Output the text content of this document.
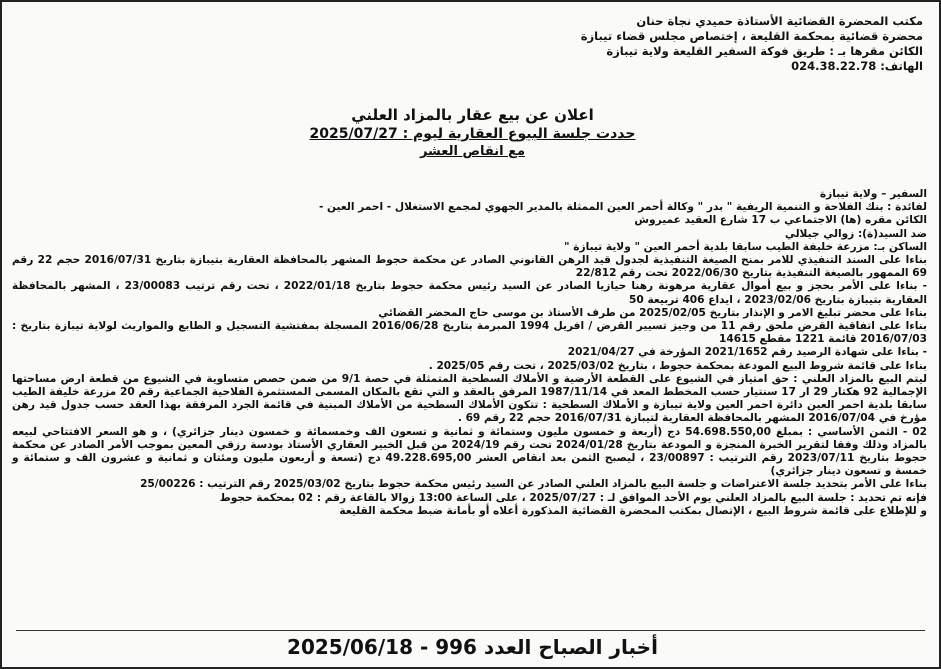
مكتب المحضرة القضائية الأستاذة حميدي نجاة حنان
محضرة قضائية بمحكمة القليعة ، إختصاص مجلس قضاء تيبازة
الكائن مقرها بـ : طريق فوكة السفير القليعة ولاية تيبازة
الهاتف: 024.38.22.78
اعلان عن بيع عقار بالمزاد العلني
حددت جلسة البيوع العقارية ليوم : 2025/07/27
مع انقاص العشر

السفير – ولاية تيبازة

لفائدة : بنك الفلاحة و التنمية الريفية " بدر " وكالة أحمر العين الممثلة بالمدير الجهوي لمجمع الاستغلال - احمر العين -

الكائن مقره (ها) الاجتماعي ب 17 شارع العقيد عميروش

ضد السيد(ة): زوالي جيلالي

الساكن بـ: مزرعة خليفة الطيب سابقا بلدية أحمر العين " ولاية تيبازة "

بناءا على السند التنفيذي للامر بمنح الصيغة التنفيذية لجدول قيد الرهن القانوني الصادر عن محكمة حجوط المشهر بالمحافظة العقارية بتيبازة بتاريخ 2016/07/31 حجم 22 رقم 69 الممهور بالصيغة التنفيذية بتاريخ 2022/06/30 تحت رقم 22/812

- بناءا على الأمر بحجز و بيع أموال عقارية مرهونة رهنا حيازيا الصادر عن السيد رئيس محكمة حجوط بتاريخ 2022/01/18 ، تحت رقم ترتيب 23/00083 ، المشهر بالمحافظة العقارية بتيبازة بتاريخ 2023/02/06 ، ايداع 406 تربيعة 50

بناءا على محضر تبليغ الامر و الإنذار بتاريخ 2025/02/05 من طرف الأستاذ بن موسى حاج المحضر القضائي

بناءا على اتفاقية القرض ملحق رقم 11 من وجيز تسيير القرض / افريل 1994 المبرمة بتاريخ 2016/06/28 المسجلة بمفتشية التسجيل و الطابع والمواريث لولاية تيبازة بتاريخ : 2016/07/03 قائمة 1221 مقطع 14615

- بناءا على شهادة الرصيد رقم 2021/1652 المؤرخة في 2021/04/27

بناءا على قائمة شروط البيع المودعة بمحكمة حجوط ، بتاريخ 2025/03/02 ، تحت رقم 2025/05 .

ليتم البيع بالمزاد العلني : حق امتياز في الشيوع على القطعة الأرضية و الأملاك السطحية المتمثلة في حصة 9/1 من ضمن حصص متساوية في الشيوع من قطعة ارض مساحتها الإجمالية 92 هكتار 29 ار 17 سنتيار حسب المخطط المعد في 1987/11/14 المرفق بالعقد و التي تقع بالمكان المسمى المستثمرة الفلاحية الجماعية رقم 20 مزرعة خليفة الطيب سابقا بلدية احمر العين دائرة احمر العين ولاية تيبازة و الأملاك السطحية : تتكون الأملاك السطحية من الأملاك المبنية في قائمة الجرد المرفقة بهذا العقد حسب جدول قيد رهن مؤرخ في 2016/07/04 المشهر بالمحافظة العقارية لتيبازة 2016/07/31 حجم 22 رقم 69 .

02 - الثمن الأساسي : بمبلغ 54.698.550,00 دج (أربعة و خمسون مليون وستمائة و ثمانية و تسعون الف وخمسمائة و خمسون دينار جزائري) ، و هو السعر الافتتاحي لبيعه بالمزاد وذلك وفقا لتقرير الخبرة المنجزة و المودعة بتاريخ 2024/01/28 تحت رقم 2024/19 من قبل الخبير العقاري الأستاذ بودسة رزقي المعين بموجب الأمر الصادر عن محكمة حجوط بتاريخ 2023/07/11 رقم الترتيب : 23/00897 ، ليصبح الثمن بعد انقاص العشر 49.228.695,00 دج (تسعة و أربعون مليون ومئتان و ثمانية و عشرون الف و ستمائة و خمسة و تسعون دينار جزائري)

بناءا على الأمر بتحديد جلسة الاعتراضات و جلسة البيع بالمزاد العلني الصادر عن السيد رئيس محكمة حجوط بتاريخ 2025/03/02 رقم الترتيب : 25/00226

فإنه تم تحديد : جلسة البيع بالمزاد العلني يوم الأحد الموافق لـ : 2025/07/27 ، على الساعة 13:00 زوالا بالقاعة رقم : 02 بمحكمة حجوط

و للإطلاع على قائمة شروط البيع ، الإتصال بمكتب المحضرة القضائية المذكورة أعلاه أو بأمانة ضبط محكمة القليعة

أخبار الصباح العدد 996 - 2025/06/18
